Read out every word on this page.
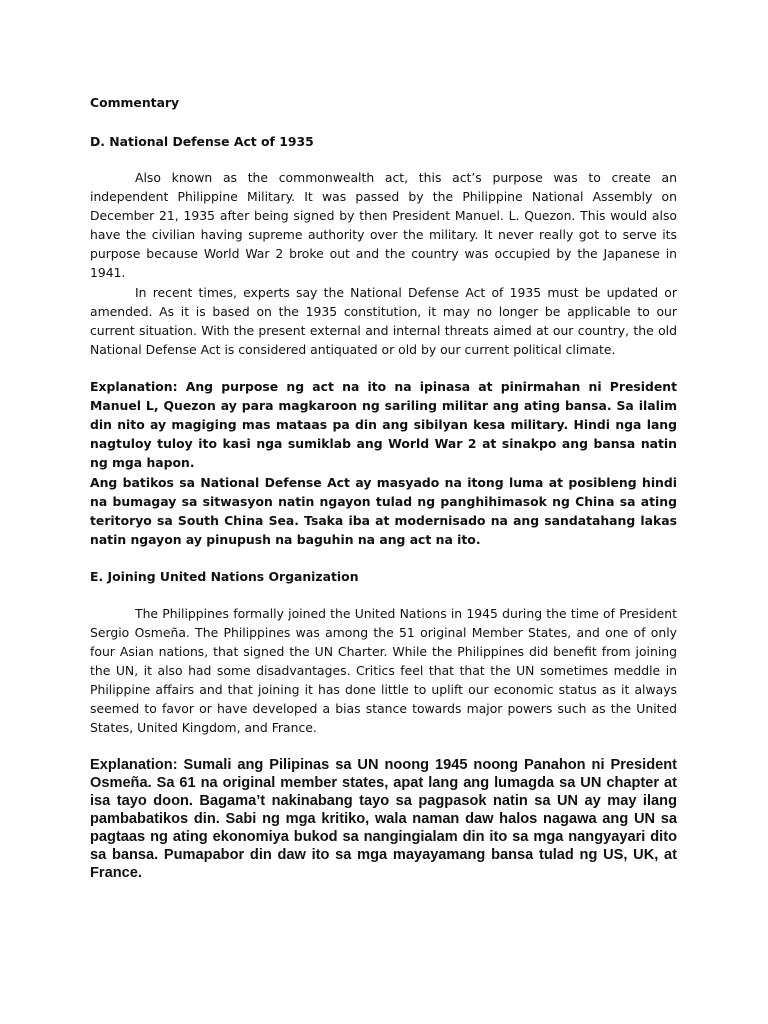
Commentary

D. National Defense Act of 1935

Also known as the commonwealth act, this act’s purpose was to create an independent Philippine Military. It was passed by the Philippine National Assembly on December 21, 1935 after being signed by then President Manuel. L. Quezon. This would also have the civilian having supreme authority over the military. It never really got to serve its purpose because World War 2 broke out and the country was occupied by the Japanese in 1941.

In recent times, experts say the National Defense Act of 1935 must be updated or amended. As it is based on the 1935 constitution, it may no longer be applicable to our current situation. With the present external and internal threats aimed at our country, the old National Defense Act is considered antiquated or old by our current political climate.

Explanation: Ang purpose ng act na ito na ipinasa at pinirmahan ni President Manuel L, Quezon ay para magkaroon ng sariling militar ang ating bansa. Sa ilalim din nito ay magiging mas mataas pa din ang sibilyan kesa military. Hindi nga lang nagtuloy tuloy ito kasi nga sumiklab ang World War 2 at sinakpo ang bansa natin ng mga hapon.

Ang batikos sa National Defense Act ay masyado na itong luma at posibleng hindi na bumagay sa sitwasyon natin ngayon tulad ng panghihimasok ng China sa ating teritoryo sa South China Sea. Tsaka iba at modernisado na ang sandatahang lakas natin ngayon ay pinupush na baguhin na ang act na ito.

E. Joining United Nations Organization

The Philippines formally joined the United Nations in 1945 during the time of President Sergio Osmeña. The Philippines was among the 51 original Member States, and one of only four Asian nations, that signed the UN Charter. While the Philippines did benefit from joining the UN, it also had some disadvantages. Critics feel that that the UN sometimes meddle in Philippine affairs and that joining it has done little to uplift our economic status as it always seemed to favor or have developed a bias stance towards major powers such as the United States, United Kingdom, and France.

Explanation: Sumali ang Pilipinas sa UN noong 1945 noong Panahon ni President Osmeña. Sa 61 na original member states, apat lang ang lumagda sa UN chapter at isa tayo doon. Bagama’t nakinabang tayo sa pagpasok natin sa UN ay may ilang pambabatikos din. Sabi ng mga kritiko, wala naman daw halos nagawa ang UN sa pagtaas ng ating ekonomiya bukod sa nangingialam din ito sa mga nangyayari dito sa bansa. Pumapabor din daw ito sa mga mayayamang bansa tulad ng US, UK, at France.
